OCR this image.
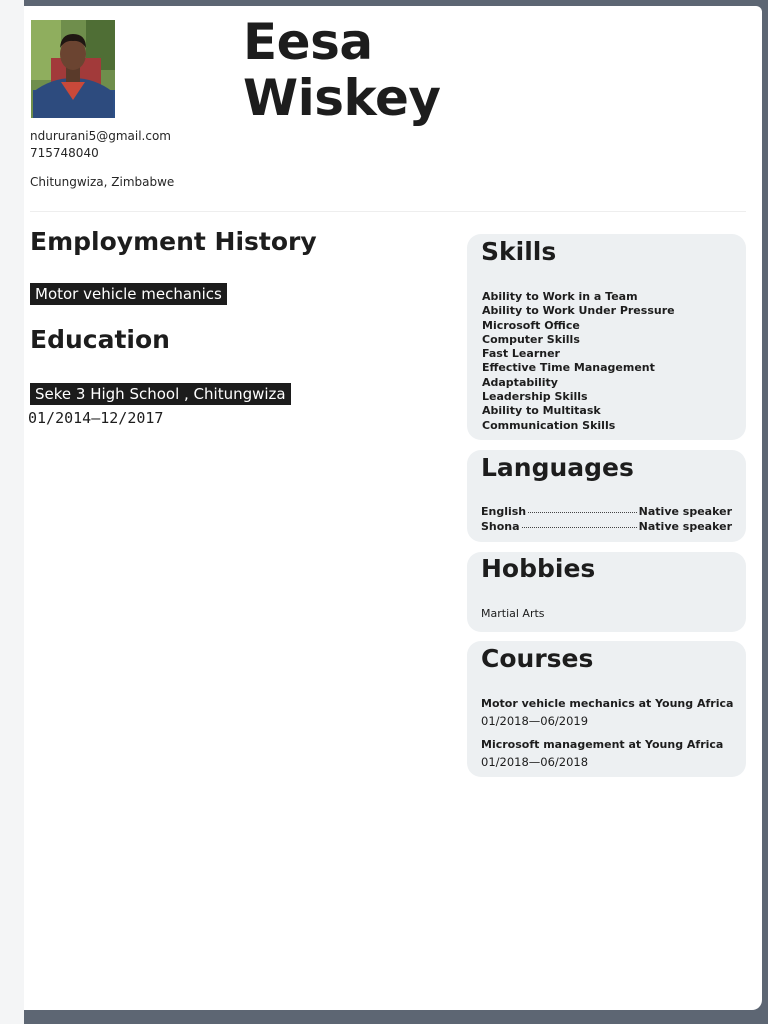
Eesa
Wiskey
ndururani5@gmail.com
715748040
Chitungwiza, Zimbabwe
Employment History
Motor vehicle mechanics
Education
Seke 3 High School , Chitungwiza
01/2014—12/2017
Skills
Ability to Work in a Team
Ability to Work Under Pressure
Microsoft Office
Computer Skills
Fast Learner
Effective Time Management
Adaptability
Leadership Skills
Ability to Multitask
Communication Skills
Languages
English	Native speaker
Shona	Native speaker
Hobbies
Martial Arts
Courses
Motor vehicle mechanics at Young Africa
01/2018—06/2019
Microsoft management at Young Africa
01/2018—06/2018
